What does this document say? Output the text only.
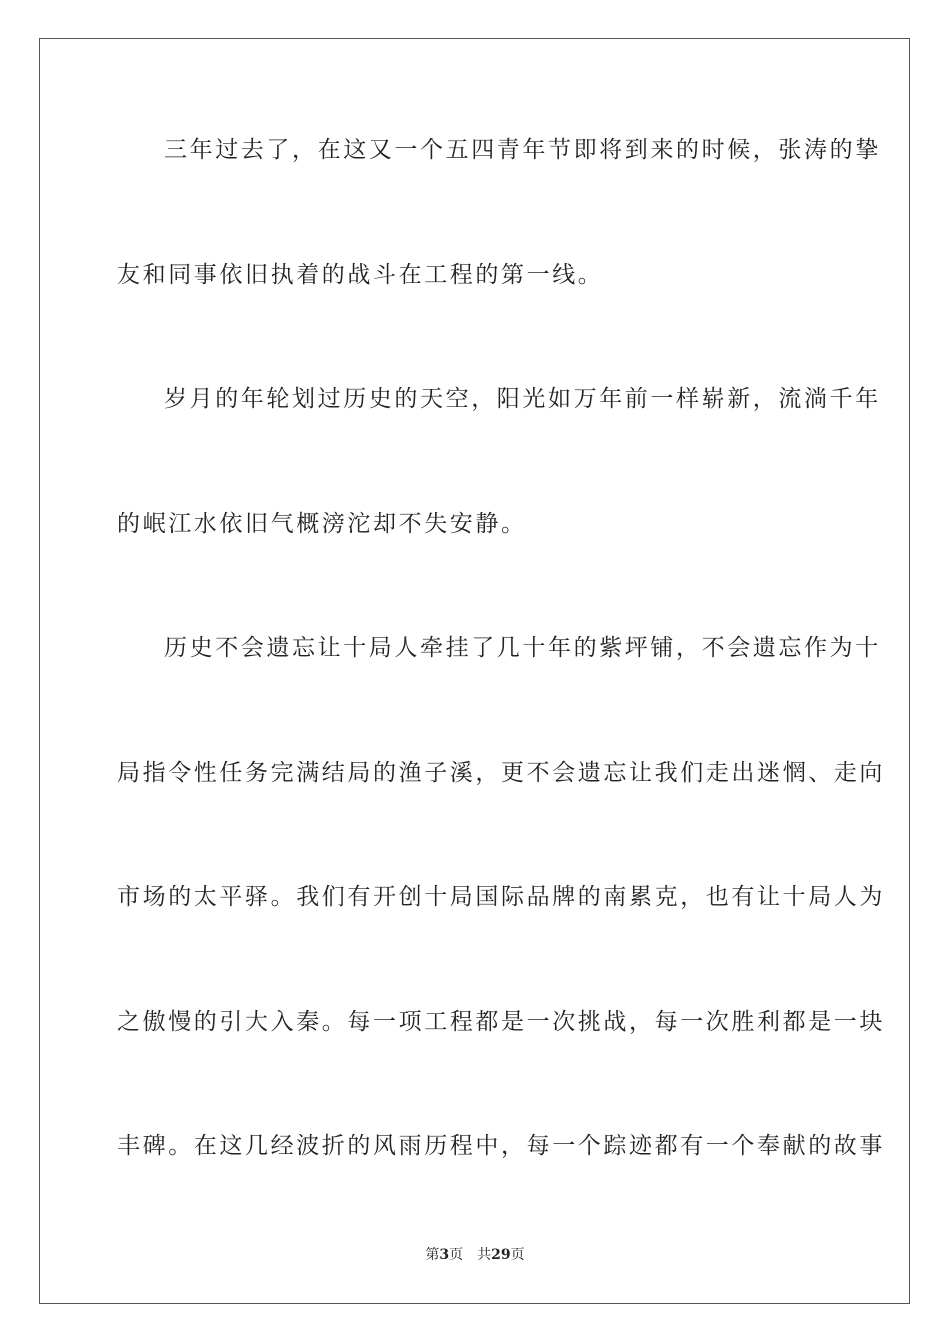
三年过去了，在这又一个五四青年节即将到来的时候，张涛的挚
友和同事依旧执着的战斗在工程的第一线。
岁月的年轮划过历史的天空，阳光如万年前一样崭新，流淌千年
的岷江水依旧气概滂沱却不失安静。
历史不会遗忘让十局人牵挂了几十年的紫坪铺，不会遗忘作为十
局指令性任务完满结局的渔子溪，更不会遗忘让我们走出迷惘、走向
市场的太平驿。我们有开创十局国际品牌的南累克，也有让十局人为
之傲慢的引大入秦。每一项工程都是一次挑战，每一次胜利都是一块
丰碑。在这几经波折的风雨历程中，每一个踪迹都有一个奉献的故事
第3页 共29页
